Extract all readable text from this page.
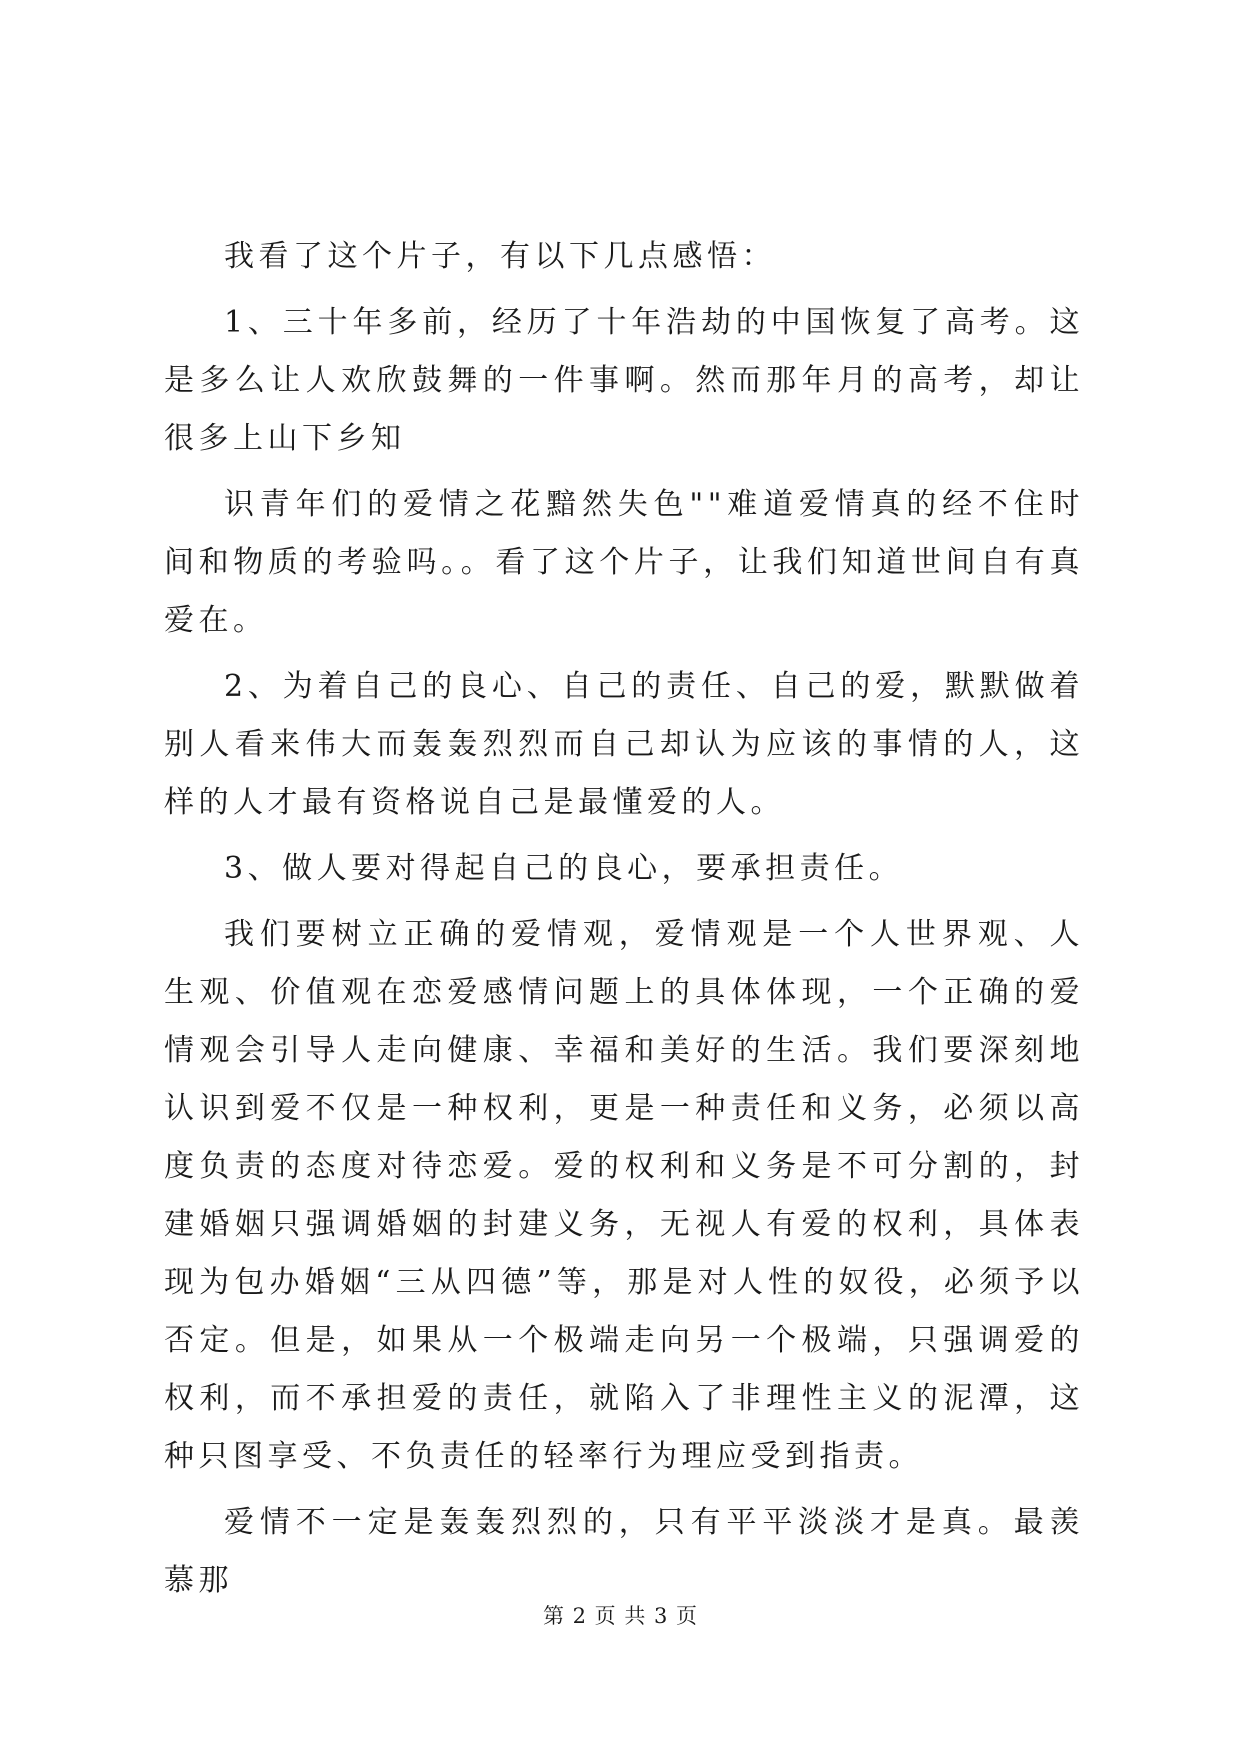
我看了这个片子，有以下几点感悟：

1、三十年多前，经历了十年浩劫的中国恢复了高考。这是多么让人欢欣鼓舞的一件事啊。然而那年月的高考，却让很多上山下乡知

识青年们的爱情之花黯然失色""难道爱情真的经不住时间和物质的考验吗。。看了这个片子，让我们知道世间自有真爱在。

2、为着自己的良心、自己的责任、自己的爱，默默做着别人看来伟大而轰轰烈烈而自己却认为应该的事情的人，这样的人才最有资格说自己是最懂爱的人。

3、做人要对得起自己的良心，要承担责任。

我们要树立正确的爱情观，爱情观是一个人世界观、人生观、价值观在恋爱感情问题上的具体体现，一个正确的爱情观会引导人走向健康、幸福和美好的生活。我们要深刻地认识到爱不仅是一种权利，更是一种责任和义务，必须以高度负责的态度对待恋爱。爱的权利和义务是不可分割的，封建婚姻只强调婚姻的封建义务，无视人有爱的权利，具体表现为包办婚姻“三从四德”等，那是对人性的奴役，必须予以否定。但是，如果从一个极端走向另一个极端，只强调爱的权利，而不承担爱的责任，就陷入了非理性主义的泥潭，这种只图享受、不负责任的轻率行为理应受到指责。

爱情不一定是轰轰烈烈的，只有平平淡淡才是真。最羡慕那

第 2 页 共 3 页
